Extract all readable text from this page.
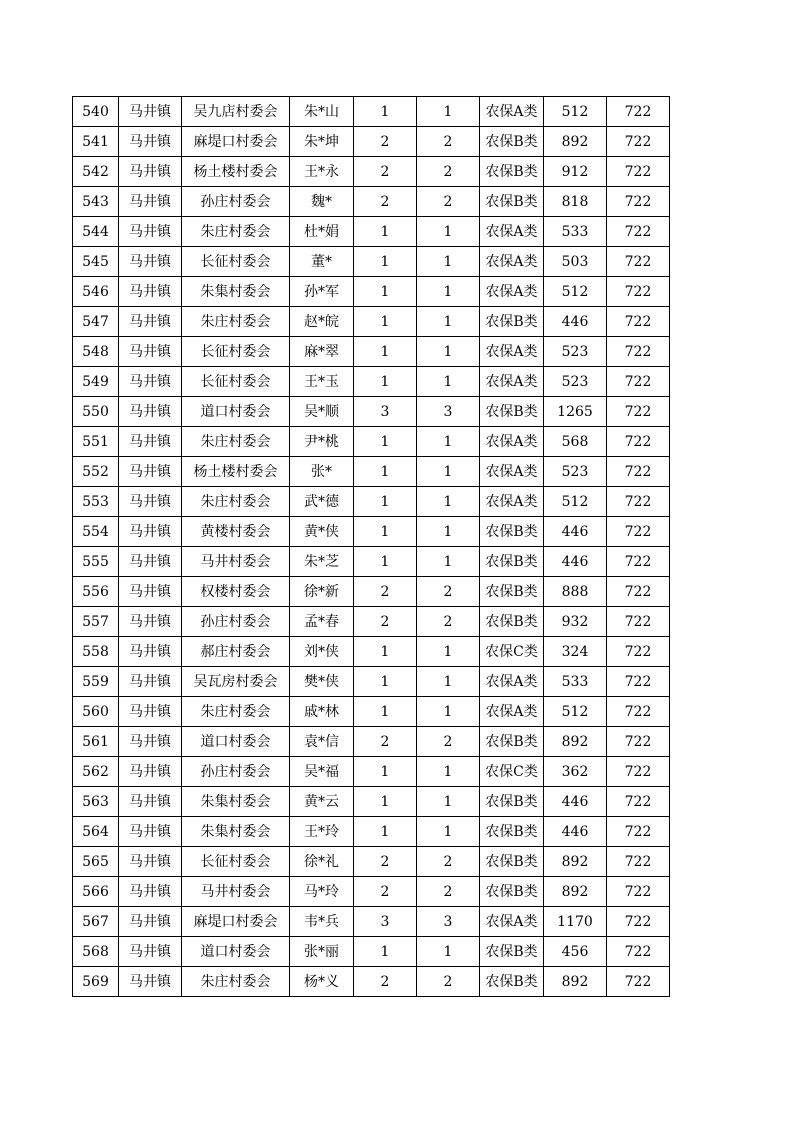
540	马井镇	吴九店村委会	朱*山	1	1	农保A类	512	722
541	马井镇	麻堤口村委会	朱*坤	2	2	农保B类	892	722
542	马井镇	杨土楼村委会	王*永	2	2	农保B类	912	722
543	马井镇	孙庄村委会	魏*	2	2	农保B类	818	722
544	马井镇	朱庄村委会	杜*娟	1	1	农保A类	533	722
545	马井镇	长征村委会	董*	1	1	农保A类	503	722
546	马井镇	朱集村委会	孙*军	1	1	农保A类	512	722
547	马井镇	朱庄村委会	赵*皖	1	1	农保B类	446	722
548	马井镇	长征村委会	麻*翠	1	1	农保A类	523	722
549	马井镇	长征村委会	王*玉	1	1	农保A类	523	722
550	马井镇	道口村委会	吴*顺	3	3	农保B类	1265	722
551	马井镇	朱庄村委会	尹*桃	1	1	农保A类	568	722
552	马井镇	杨土楼村委会	张*	1	1	农保A类	523	722
553	马井镇	朱庄村委会	武*德	1	1	农保A类	512	722
554	马井镇	黄楼村委会	黄*侠	1	1	农保B类	446	722
555	马井镇	马井村委会	朱*芝	1	1	农保B类	446	722
556	马井镇	权楼村委会	徐*新	2	2	农保B类	888	722
557	马井镇	孙庄村委会	孟*春	2	2	农保B类	932	722
558	马井镇	郝庄村委会	刘*侠	1	1	农保C类	324	722
559	马井镇	吴瓦房村委会	樊*侠	1	1	农保A类	533	722
560	马井镇	朱庄村委会	戚*林	1	1	农保A类	512	722
561	马井镇	道口村委会	袁*信	2	2	农保B类	892	722
562	马井镇	孙庄村委会	吴*福	1	1	农保C类	362	722
563	马井镇	朱集村委会	黄*云	1	1	农保B类	446	722
564	马井镇	朱集村委会	王*玲	1	1	农保B类	446	722
565	马井镇	长征村委会	徐*礼	2	2	农保B类	892	722
566	马井镇	马井村委会	马*玲	2	2	农保B类	892	722
567	马井镇	麻堤口村委会	韦*兵	3	3	农保A类	1170	722
568	马井镇	道口村委会	张*丽	1	1	农保B类	456	722
569	马井镇	朱庄村委会	杨*义	2	2	农保B类	892	722
